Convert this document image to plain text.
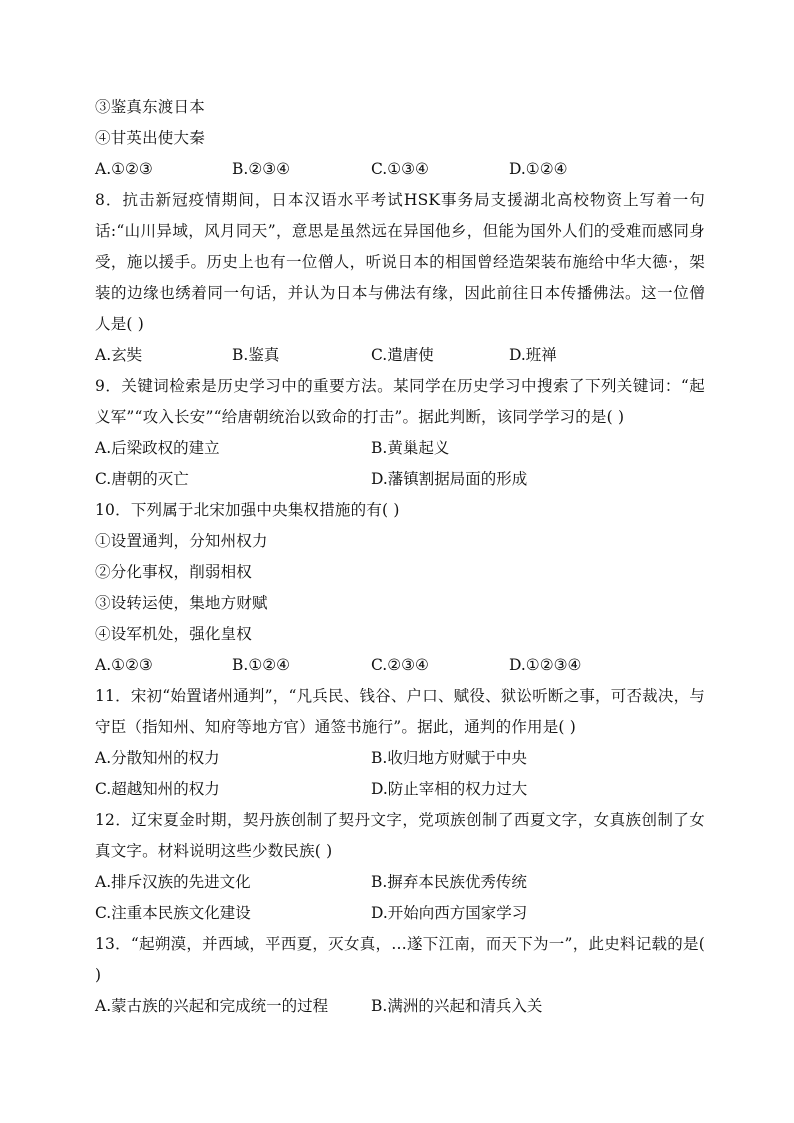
③鉴真东渡日本
④甘英出使大秦
A.①②③	B.②③④	C.①③④	D.①②④
8．抗击新冠疫情期间，日本汉语水平考试HSK事务局支援湖北高校物资上写着一句话:“山川异域，风月同天”，意思是虽然远在异国他乡，但能为国外人们的受难而感同身受，施以援手。历史上也有一位僧人，听说日本的相国曾经造架装布施给中华大德·，架装的边缘也绣着同一句话，并认为日本与佛法有缘，因此前往日本传播佛法。这一位僧人是( )
A.玄奘	B.鉴真	C.遣唐使	D.班禅
9．关键词检索是历史学习中的重要方法。某同学在历史学习中搜索了下列关键词：“起义军”“攻入长安”“给唐朝统治以致命的打击”。据此判断，该同学学习的是( )
A.后梁政权的建立	B.黄巢起义
C.唐朝的灭亡	D.藩镇割据局面的形成
10．下列属于北宋加强中央集权措施的有( )
①设置通判，分知州权力
②分化事权，削弱相权
③设转运使，集地方财赋
④设军机处，强化皇权
A.①②③	B.①②④	C.②③④	D.①②③④
11．宋初“始置诸州通判”，“凡兵民、钱谷、户口、赋役、狱讼听断之事，可否裁决，与守臣（指知州、知府等地方官）通签书施行”。据此，通判的作用是( )
A.分散知州的权力	B.收归地方财赋于中央
C.超越知州的权力	D.防止宰相的权力过大
12．辽宋夏金时期，契丹族创制了契丹文字，党项族创制了西夏文字，女真族创制了女真文字。材料说明这些少数民族( )
A.排斥汉族的先进文化	B.摒弃本民族优秀传统
C.注重本民族文化建设	D.开始向西方国家学习
13．“起朔漠，并西域，平西夏，灭女真，…遂下江南，而天下为一”，此史料记载的是( )
A.蒙古族的兴起和完成统一的过程	B.满洲的兴起和清兵入关
